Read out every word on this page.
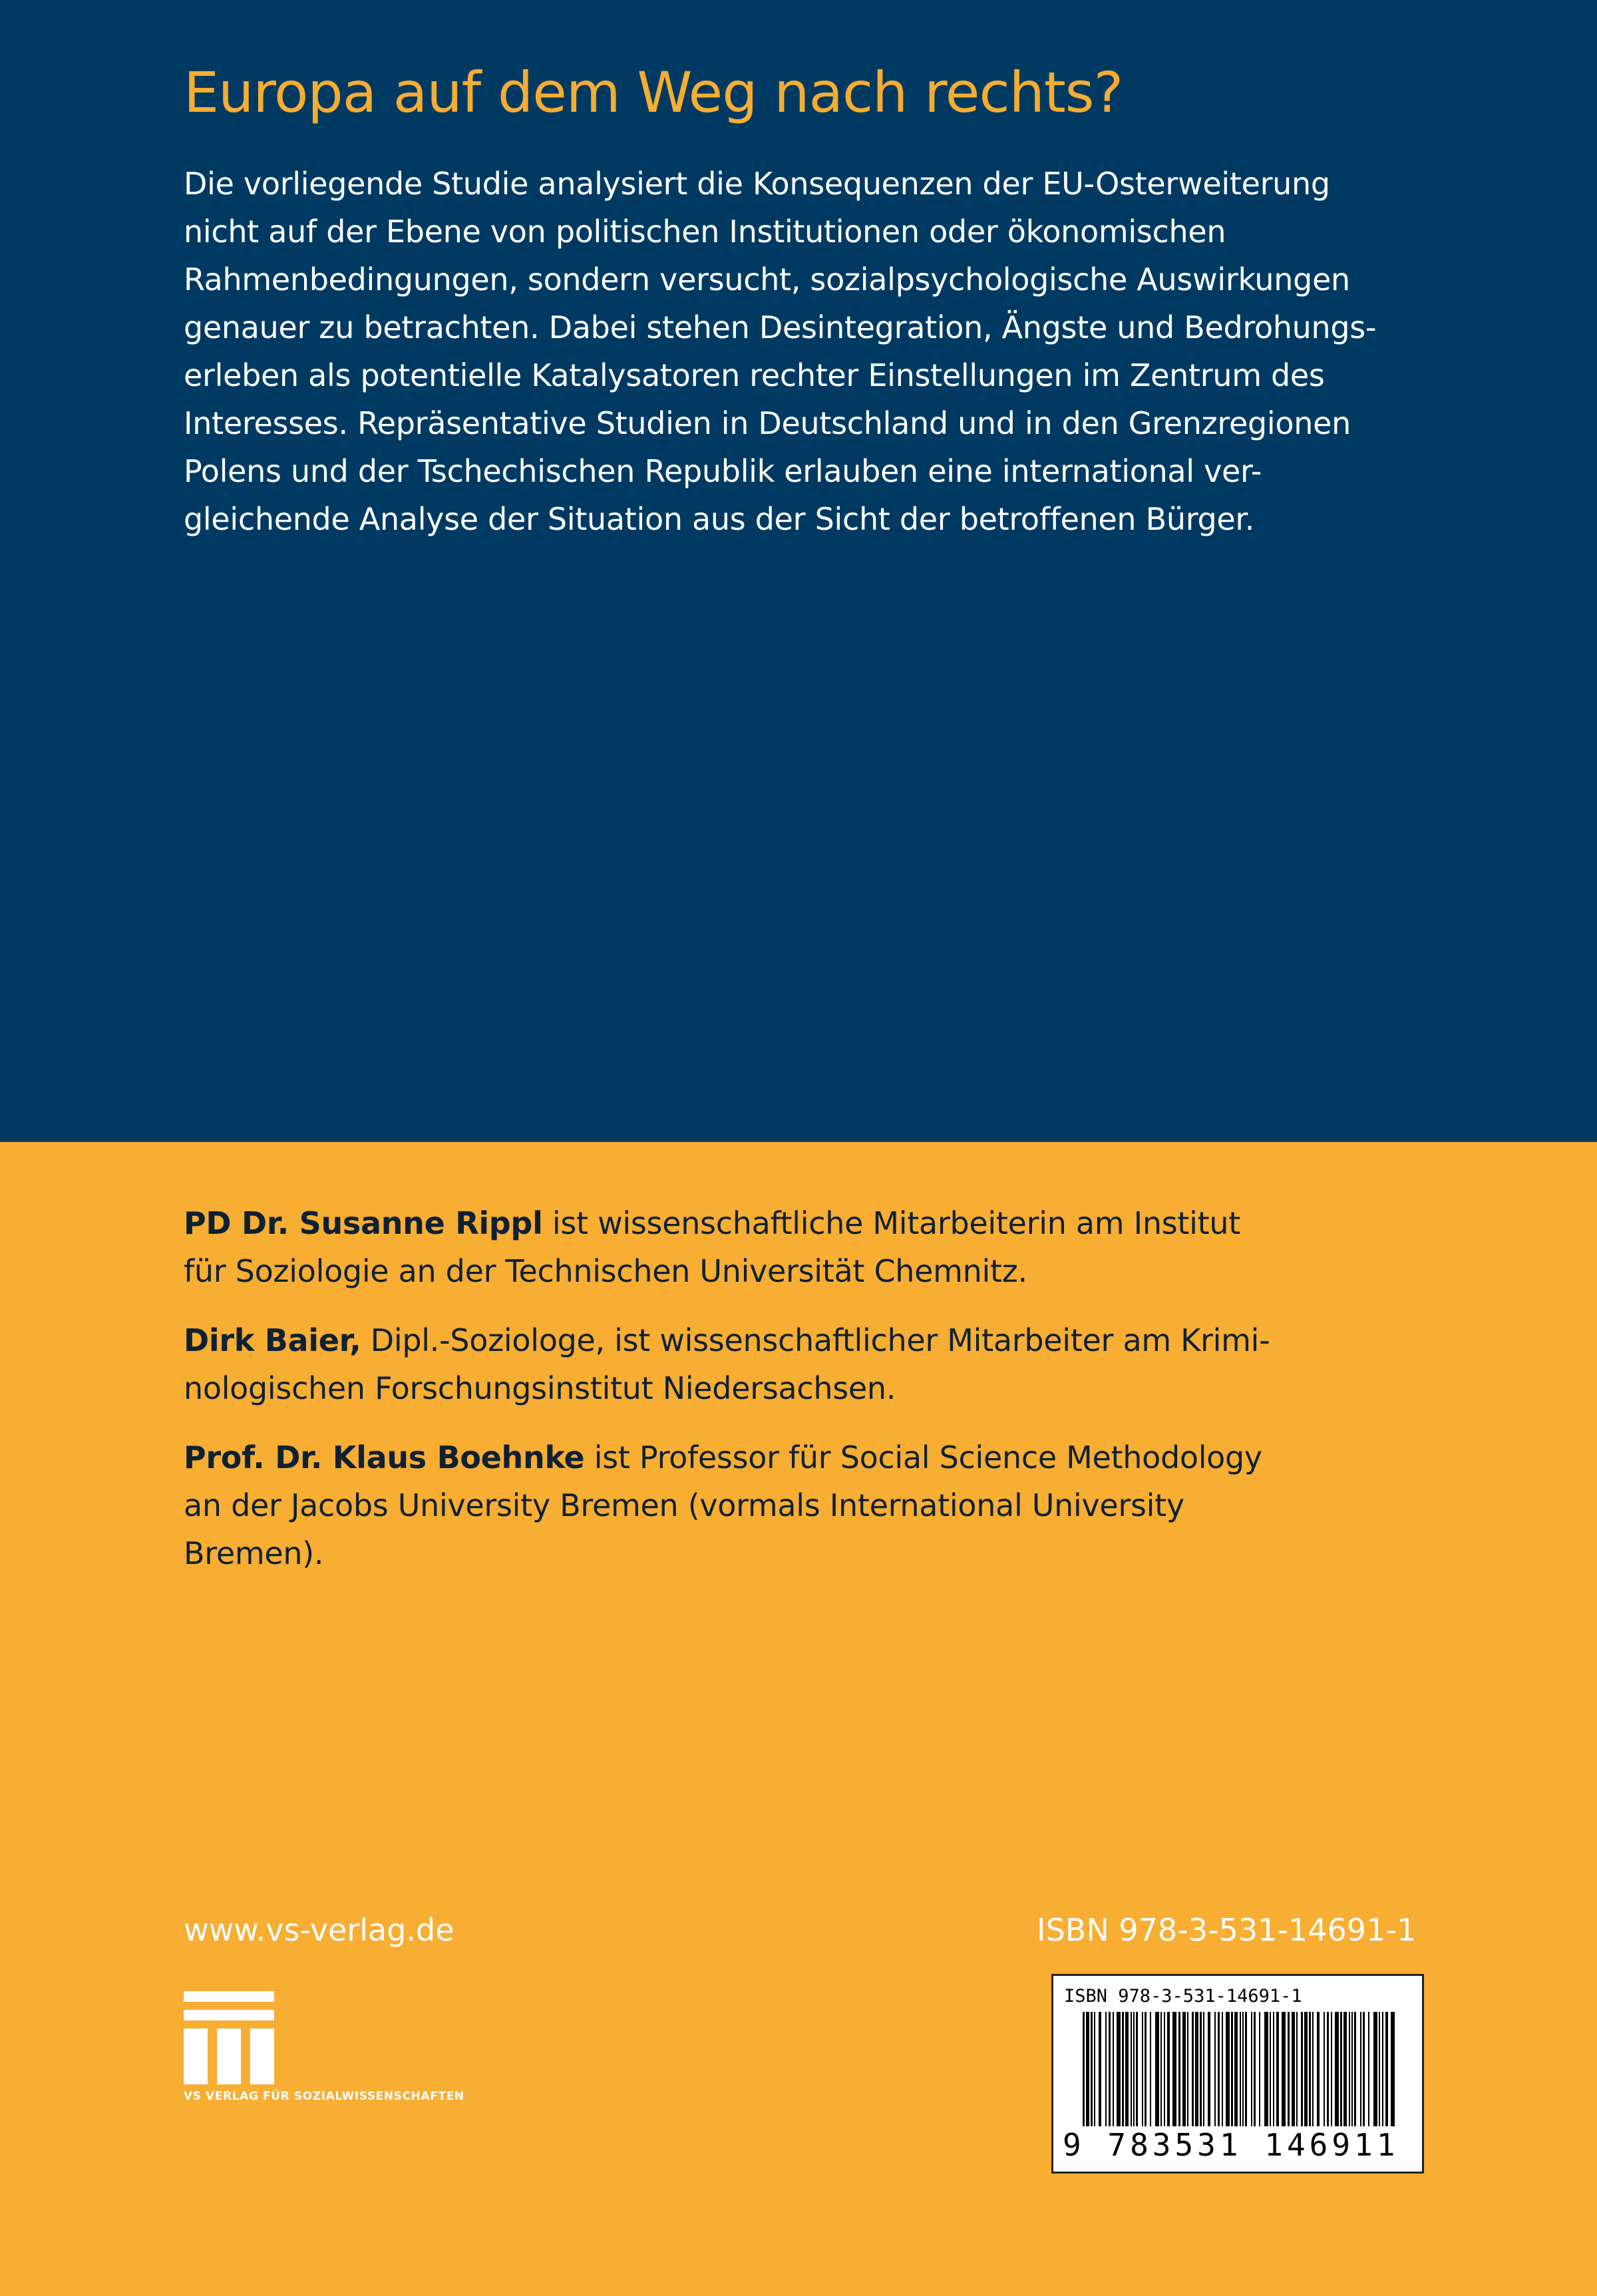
Europa auf dem Weg nach rechts?
Die vorliegende Studie analysiert die Konsequenzen der EU-Osterweiterung
nicht auf der Ebene von politischen Institutionen oder ökonomischen
Rahmenbedingungen, sondern versucht, sozialpsychologische Auswirkungen
genauer zu betrachten. Dabei stehen Desintegration, Ängste und Bedrohungs-
erleben als potentielle Katalysatoren rechter Einstellungen im Zentrum des
Interesses. Repräsentative Studien in Deutschland und in den Grenzregionen
Polens und der Tschechischen Republik erlauben eine international ver-
gleichende Analyse der Situation aus der Sicht der betroffenen Bürger.
PD Dr. Susanne Rippl ist wissenschaftliche Mitarbeiterin am Institut
für Soziologie an der Technischen Universität Chemnitz.
Dirk Baier, Dipl.-Soziologe, ist wissenschaftlicher Mitarbeiter am Krimi-
nologischen Forschungsinstitut Niedersachsen.
Prof. Dr. Klaus Boehnke ist Professor für Social Science Methodology
an der Jacobs University Bremen (vormals International University
Bremen).
www.vs-verlag.de	ISBN 978-3-531-14691-1
VS VERLAG FÜR SOZIALWISSENSCHAFTEN
ISBN 978-3-531-14691-1
9 783531 146911
